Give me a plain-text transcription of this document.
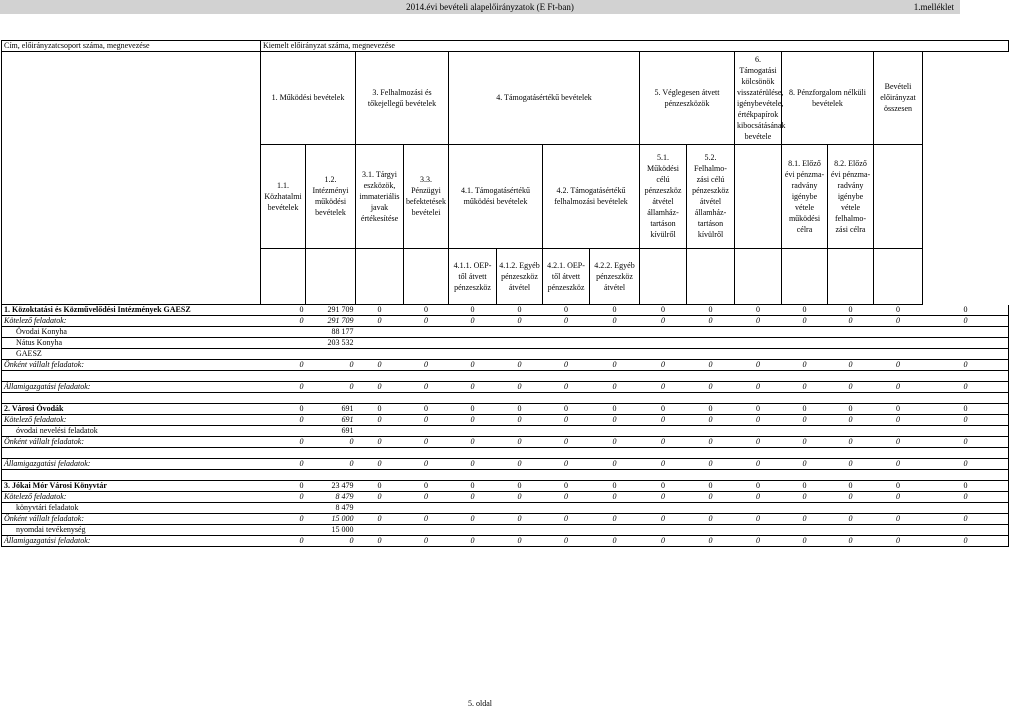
2014.évi bevételi alapelőirányzatok (E Ft-ban)	1.melléklet
Cím, előirányzatcsoport száma, megnevezése	Kiemelt előirányzat száma, megnevezése															
	1. Működési bevételek		3. Felhalmozási és tőkejellegű bevételek		4. Támogatásértékű bevételek				5. Véglegesen átvett pénzeszközök		6. Támogatási kölcsönök visszatérülése, igénybevétele, értékpapírok kibocsátásának bevétele	8. Pénzforgalom nélküli bevételek		Bevételi előirányzat összesen		
	1.1. Közhatalmi bevételek	1.2. Intézményi működési bevételek	3.1. Tárgyi eszközök, immateriális javak értékesítése	3.3. Pénzügyi befektetések bevételei	4.1. Támogatásértékű működési bevételek		4.2. Támogatásértékű felhalmozási bevételek		5.1. Működési célú pénzeszköz átvétel államház-tartáson kívülről	5.2. Felhalmo-zási célú pénzeszköz átvétel államház-tartáson kívülről		8.1. Előző évi pénzma-radvány igénybe vétele működési célra	8.2. Előző évi pénzma-radvány igénybe vétele felhalmo-zási célra			
					4.1.1. OEP-től átvett pénzeszköz	4.1.2. Egyéb pénzeszköz átvétel	4.2.1. OEP-től átvett pénzeszköz	4.2.2. Egyéb pénzeszköz átvétel								
1. Közoktatási és Közművelődési Intézmények GAESZ	0	291 709	0	0	0	0	0	0	0	0	0	0	0	0	0	
Kötelező feladatok:	0	291 709	0	0	0	0	0	0	0	0	0	0	0	0	0	
Óvodai Konyha		88 177														
Nátus Konyha		203 532														
GAESZ																
Önként vállalt feladatok:	0	0	0	0	0	0	0	0	0	0	0	0	0	0	0	

Államigazgatási feladatok:	0	0	0	0	0	0	0	0	0	0	0	0	0	0	0	

2. Városi Óvodák	0	691	0	0	0	0	0	0	0	0	0	0	0	0	0	
Kötelező feladatok:	0	691	0	0	0	0	0	0	0	0	0	0	0	0	0	
óvodai nevelési feladatok		691														
Önként vállalt feladatok:	0	0	0	0	0	0	0	0	0	0	0	0	0	0	0	

Államigazgatási feladatok:	0	0	0	0	0	0	0	0	0	0	0	0	0	0	0	

3. Jókai Mór Városi Könyvtár	0	23 479	0	0	0	0	0	0	0	0	0	0	0	0	0	
Kötelező feladatok:	0	8 479	0	0	0	0	0	0	0	0	0	0	0	0	0	
könyvtári feladatok		8 479														
Önként vállalt feladatok:	0	15 000	0	0	0	0	0	0	0	0	0	0	0	0	0	
nyomdai tevékenység		15 000														
Államigazgatási feladatok:	0	0	0	0	0	0	0	0	0	0	0	0	0	0	0	
5. oldal
